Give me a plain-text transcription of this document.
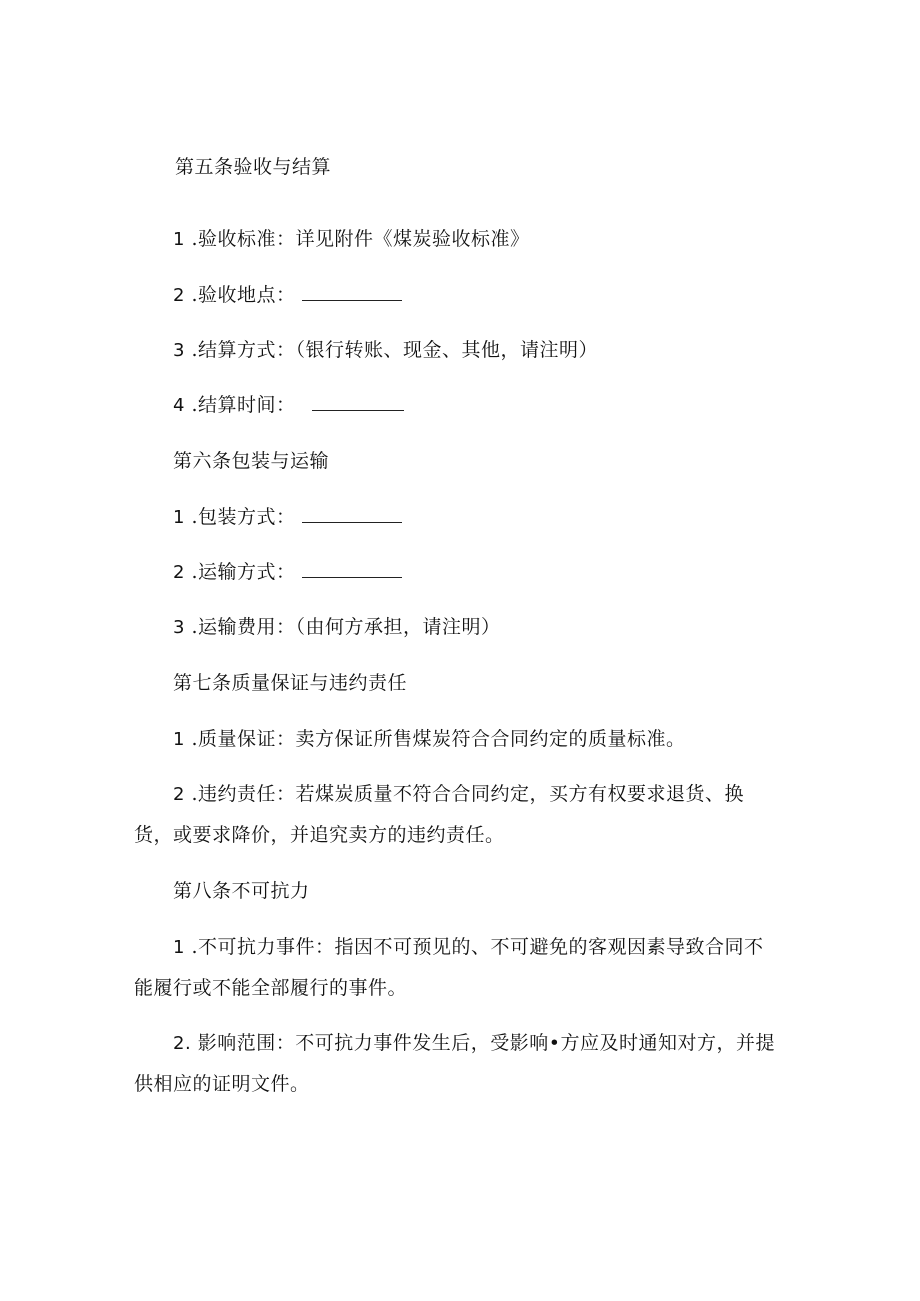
第五条验收与结算
1 .验收标准：详见附件《煤炭验收标准》
2 .验收地点：
3 .结算方式：（银行转账、现金、其他，请注明）
4 .结算时间：
第六条包装与运输
1 .包装方式：
2 .运输方式：
3 .运输费用：（由何方承担，请注明）
第七条质量保证与违约责任
1 .质量保证：卖方保证所售煤炭符合合同约定的质量标准。
2 .违约责任：若煤炭质量不符合合同约定，买方有权要求退货、换
货，或要求降价，并追究卖方的违约责任。
第八条不可抗力
1 .不可抗力事件：指因不可预见的、不可避免的客观因素导致合同不
能履行或不能全部履行的事件。
2. 影响范围：不可抗力事件发生后，受影响•方应及时通知对方，并提
供相应的证明文件。
